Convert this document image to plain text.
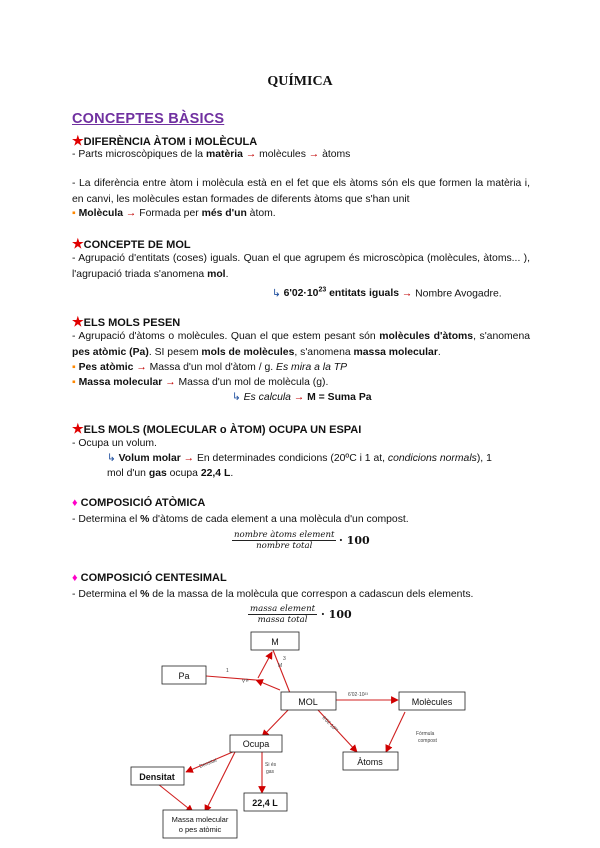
QUÍMICA
CONCEPTES BÀSICS
★DIFERÈNCIA ÀTOM i MOLÈCULA
- Parts microscòpiques de la matèria → molècules → àtoms
- La diferència entre àtom i molècula està en el fet que els àtoms són els que formen la matèria i, en canvi, les molècules estan formades de diferents àtoms que s'han unit
▪ Molècula → Formada per més d'un àtom.
★CONCEPTE DE MOL
- Agrupació d'entitats (coses) iguals. Quan el que agrupem és microscòpica (molècules, àtoms... ), l'agrupació triada s'anomena mol.
↳ $6'02\cdot 10^{23}$ entitats iguals → Nombre Avogadre.
★ELS MOLS PESEN
- Agrupació d'àtoms o molècules. Quan el que estem pesant són molècules d'àtoms, s'anomena pes atòmic (Pa). SI pesem mols de molècules, s'anomena massa molecular.
▪ Pes atòmic → Massa d'un mol d'àtom / g. Es mira a la TP
▪ Massa molecular → Massa d'un mol de molècula (g).
↳ Es calcula → M = Suma Pa
★ELS MOLS (MOLECULAR o ÀTOM) OCUPA UN ESPAI
- Ocupa un volum.
↳ Volum molar → En determinades condicions (20ºC i 1 at, condicions normals), 1
mol d'un gas ocupa 22,4 L.
♦ COMPOSICIÓ ATÒMICA
- Determina el % d'àtoms de cada element a una molècula d'un compost.
nombre àtoms element
nombre total	· 100
♦ COMPOSICIÓ CENTESIMAL
- Determina el % de la massa de la molècula que correspon a cadascun dels elements.
massa element
massa total	· 100
M
Pa
MOL	Molècules
Àtoms
Ocupa
Densitat
22,4 L
Massa molecular
o pes atòmic
Pa
M
6'02·10²³
6'02·10²³
Fórmula
compost
Densitat	Si és
gas
1
3
